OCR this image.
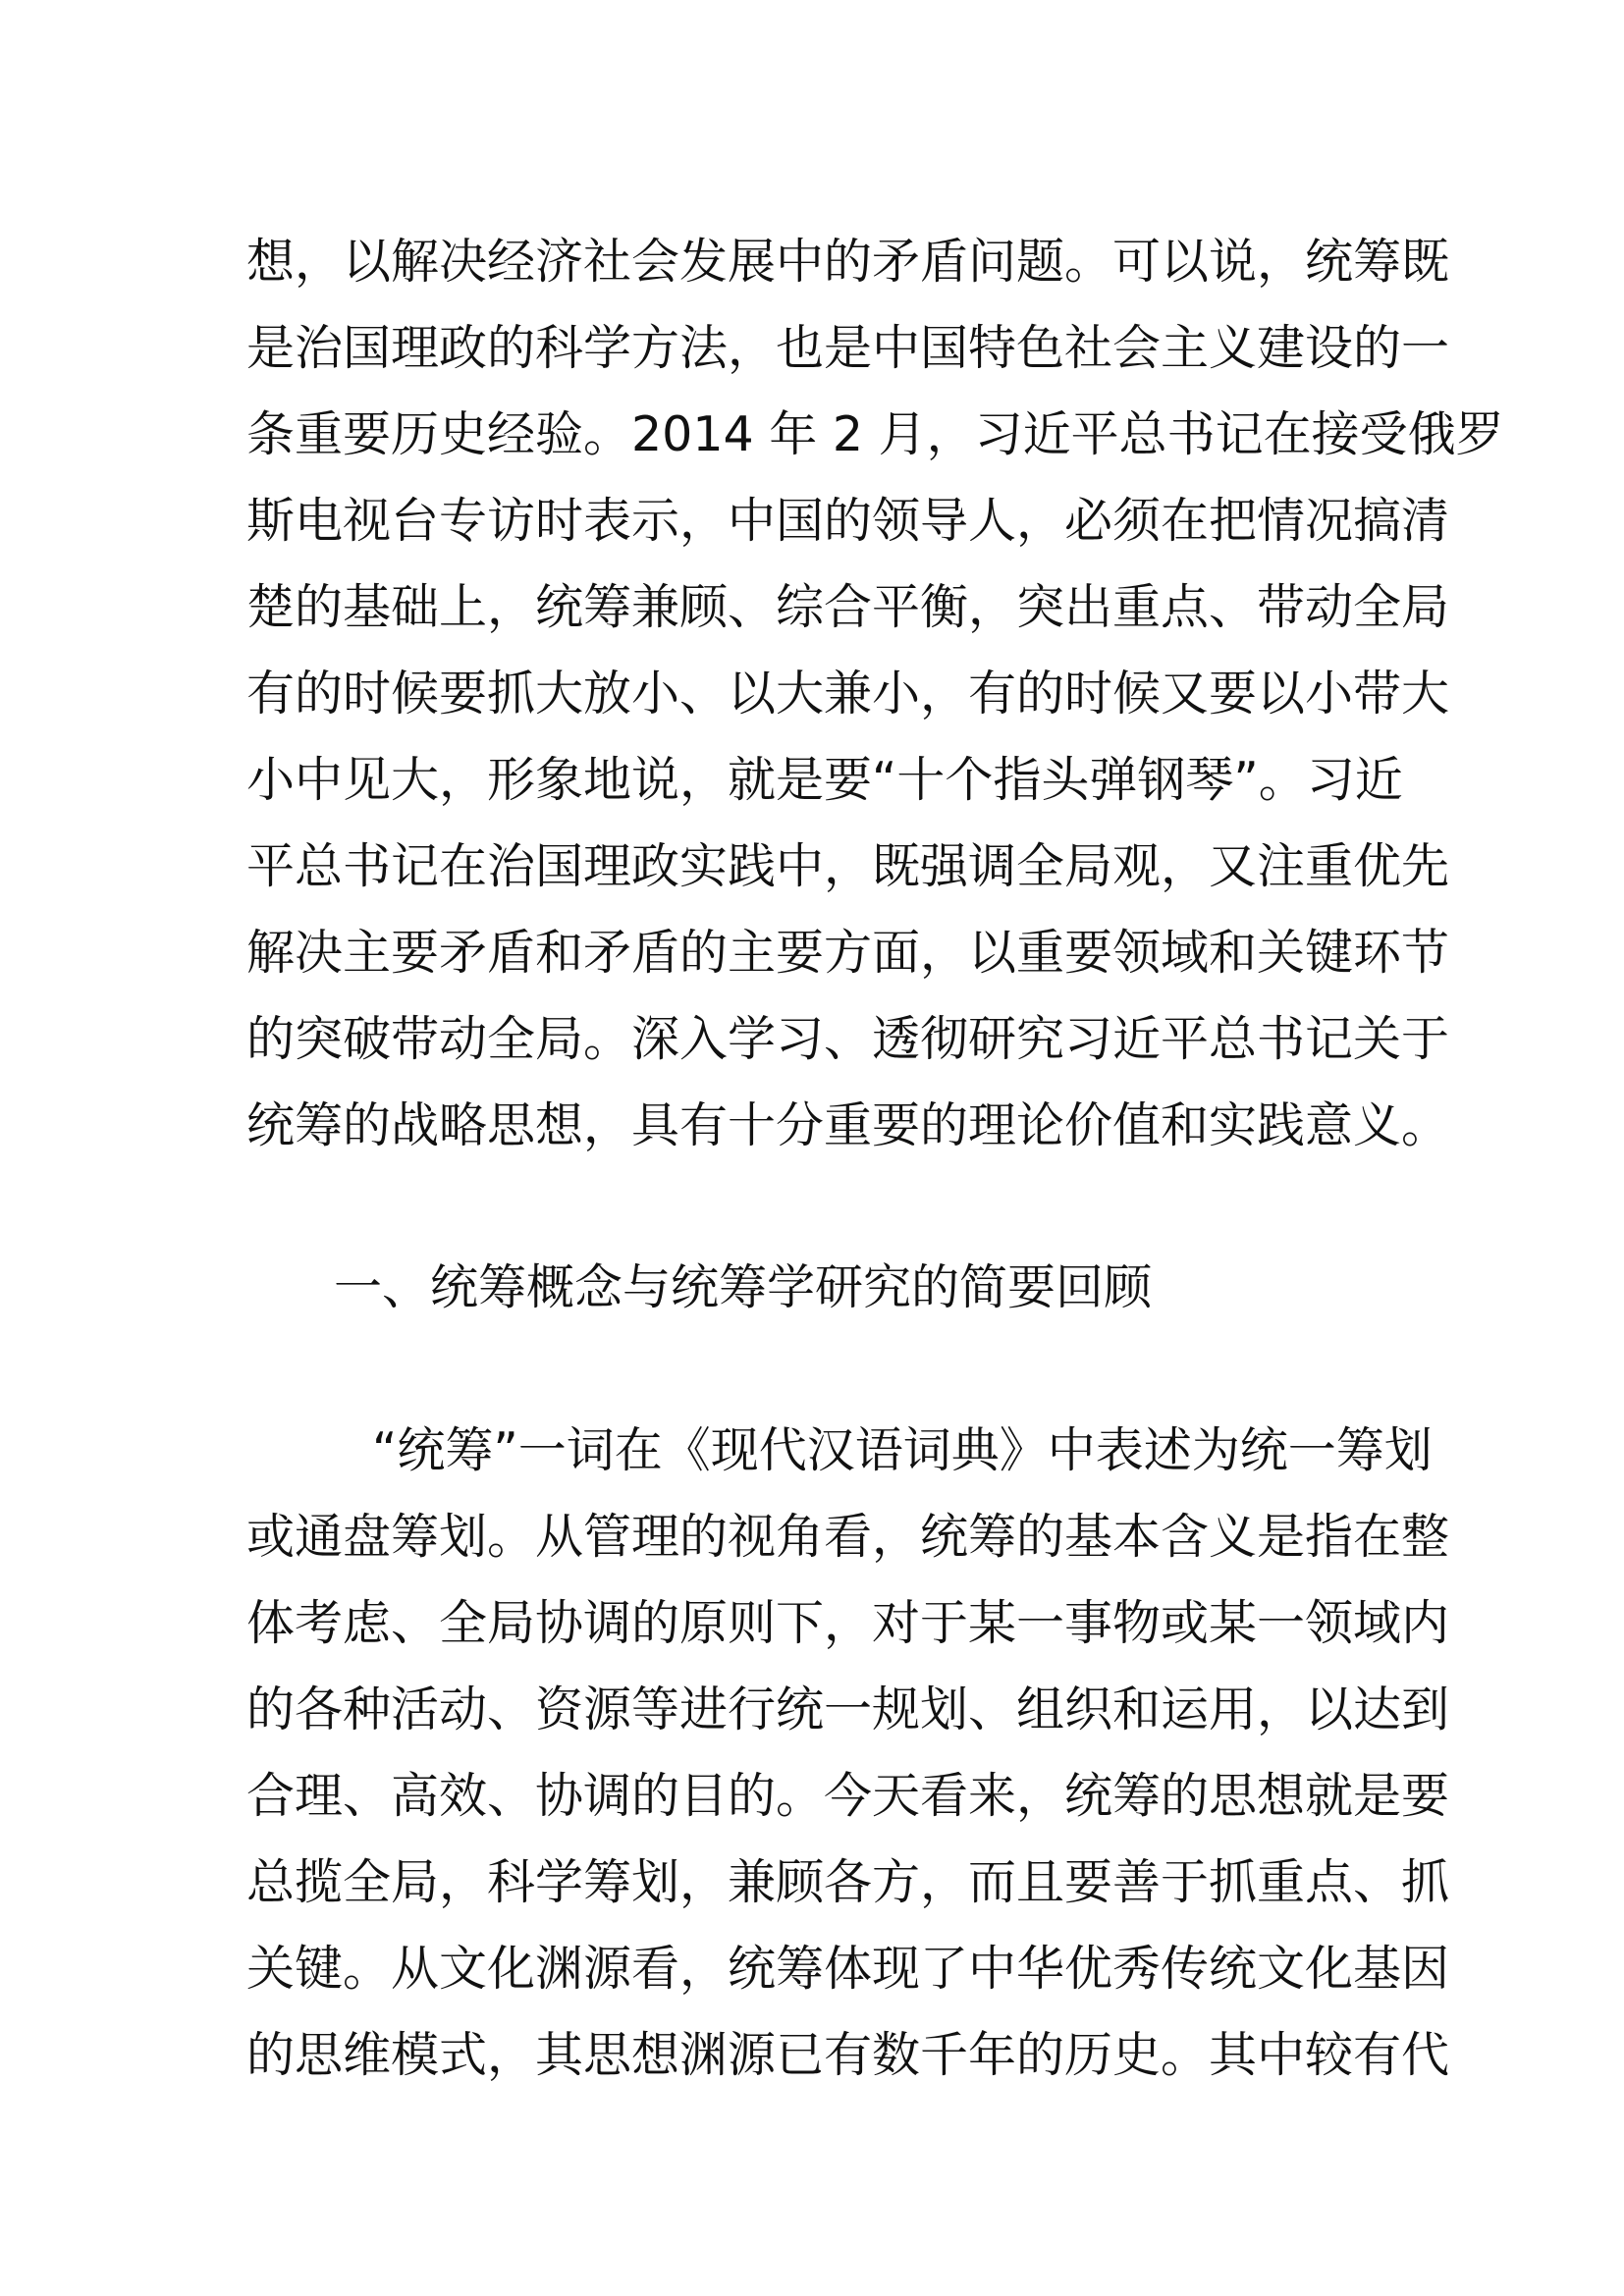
想，以解决经济社会发展中的矛盾问题。可以说，统筹既
是治国理政的科学方法，也是中国特色社会主义建设的一
条重要历史经验。2014 年 2 月，习近平总书记在接受俄罗
斯电视台专访时表示，中国的领导人，必须在把情况搞清
楚的基础上，统筹兼顾、综合平衡，突出重点、带动全局
有的时候要抓大放小、以大兼小，有的时候又要以小带大
小中见大，形象地说，就是要“十个指头弹钢琴”。习近
平总书记在治国理政实践中，既强调全局观，又注重优先
解决主要矛盾和矛盾的主要方面，以重要领域和关键环节
的突破带动全局。深入学习、透彻研究习近平总书记关于
统筹的战略思想，具有十分重要的理论价值和实践意义。
一、统筹概念与统筹学研究的简要回顾
“统筹”一词在《现代汉语词典》中表述为统一筹划
或通盘筹划。从管理的视角看，统筹的基本含义是指在整
体考虑、全局协调的原则下，对于某一事物或某一领域内
的各种活动、资源等进行统一规划、组织和运用，以达到
合理、高效、协调的目的。今天看来，统筹的思想就是要
总揽全局，科学筹划，兼顾各方，而且要善于抓重点、抓
关键。从文化渊源看，统筹体现了中华优秀传统文化基因
的思维模式，其思想渊源已有数千年的历史。其中较有代
